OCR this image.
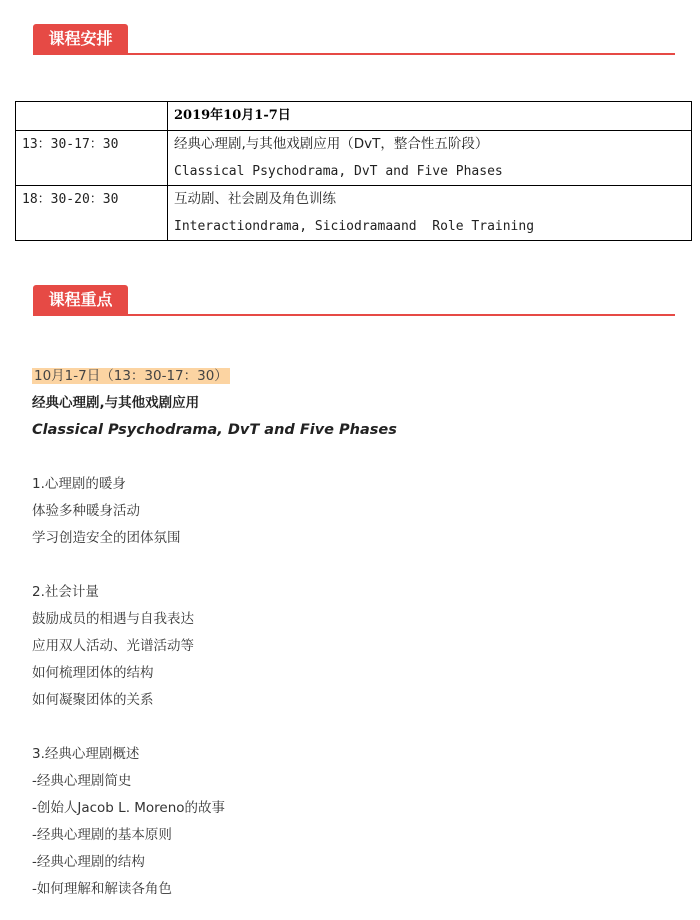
课程安排
	2019年10月1-7日
13：30-17：30	经典心理剧,与其他戏剧应用（DvT，整合性五阶段）
Classical Psychodrama, DvT and Five Phases

18：30-20：30	互动剧、社会剧及角色训练
Interactiondrama, Siciodramaand  Role Training
课程重点
10月1-7日（13：30-17：30）
经典心理剧,与其他戏剧应用
Classical Psychodrama, DvT and Five Phases
1.心理剧的暖身
体验多种暖身活动
学习创造安全的团体氛围
2.社会计量
鼓励成员的相遇与自我表达
应用双人活动、光谱活动等
如何梳理团体的结构
如何凝聚团体的关系
3.经典心理剧概述
-经典心理剧简史
-创始人Jacob L. Moreno的故事
-经典心理剧的基本原则
-经典心理剧的结构
-如何理解和解读各角色
